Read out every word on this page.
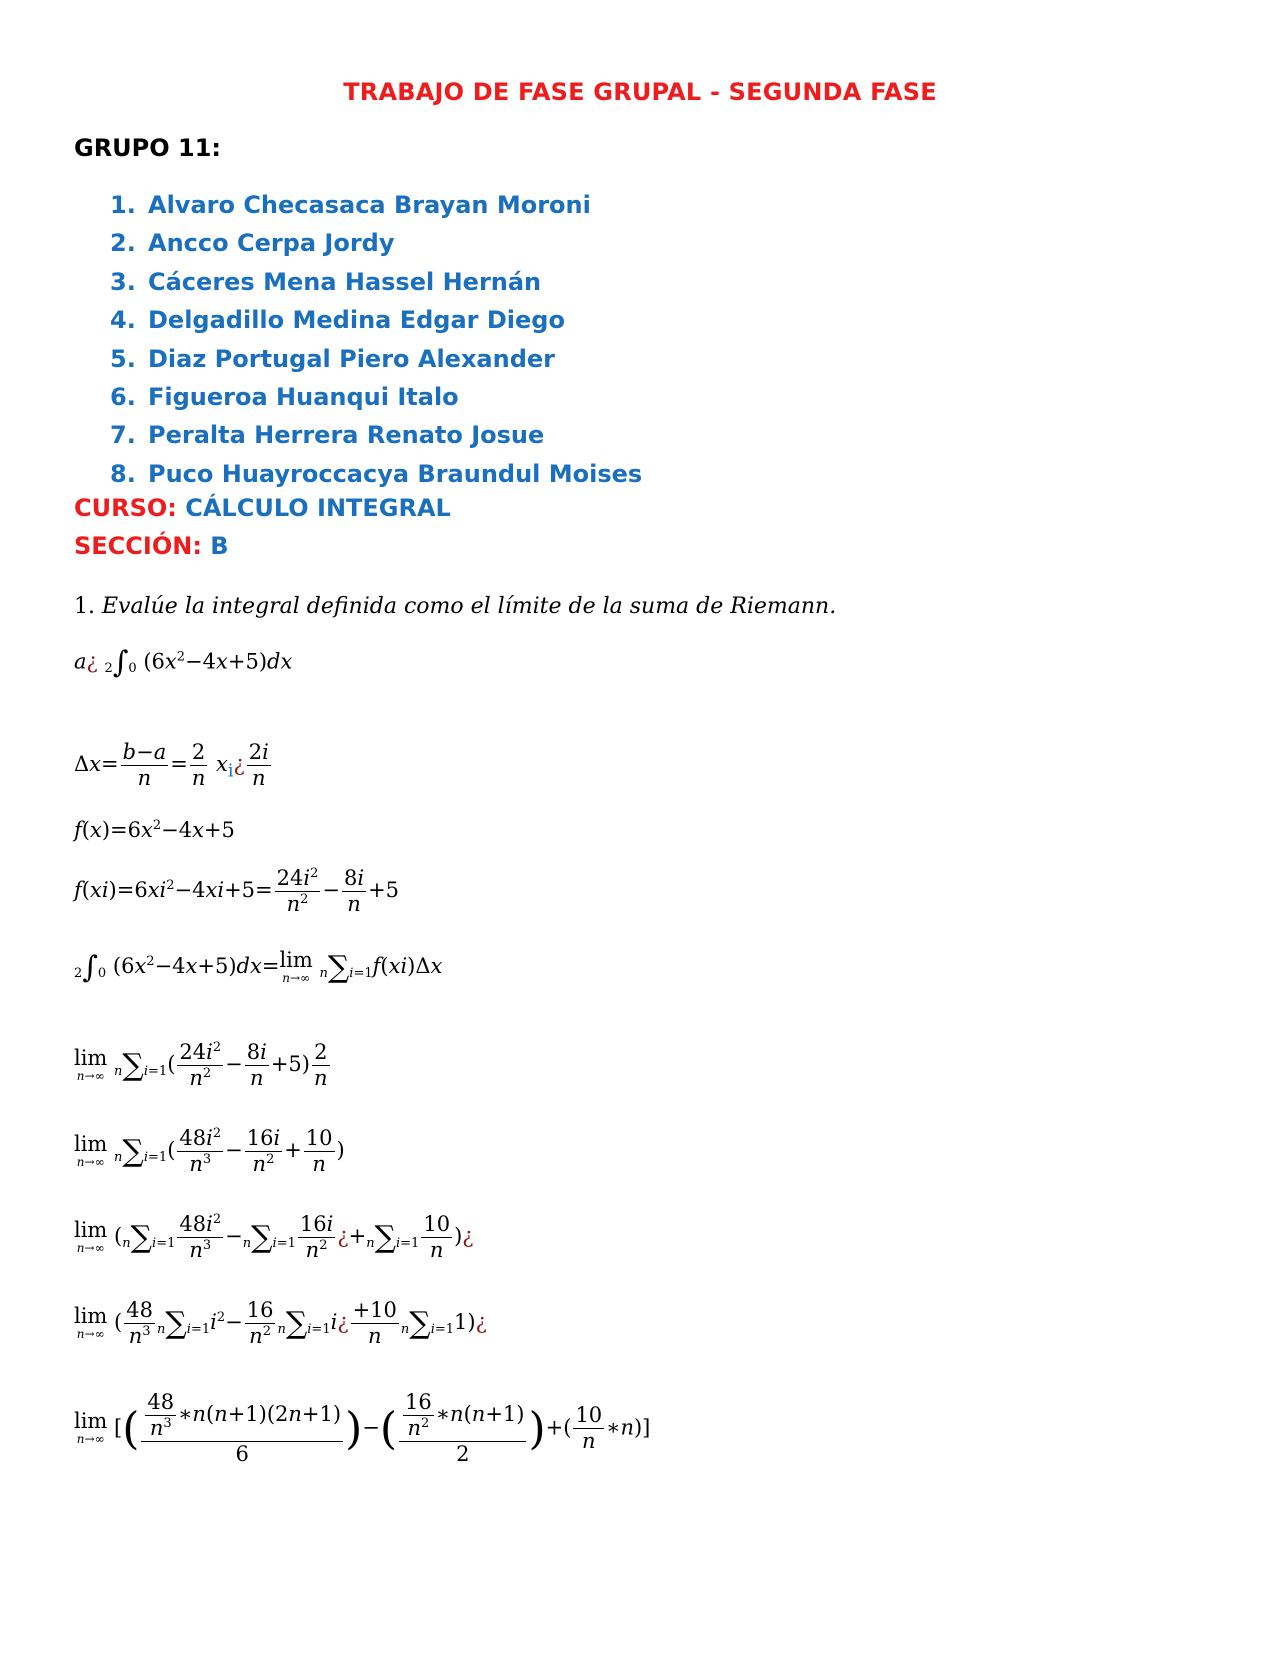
TRABAJO DE FASE GRUPAL - SEGUNDA FASE
GRUPO 11:
1. Alvaro Checasaca Brayan Moroni
2. Ancco Cerpa Jordy
3. Cáceres Mena Hassel Hernán
4. Delgadillo Medina Edgar Diego
5. Diaz Portugal Piero Alexander
6. Figueroa Huanqui Italo
7. Peralta Herrera Renato Josue
8. Puco Huayroccacya Braundul Moises
CURSO: CÁLCULO INTEGRAL
SECCIÓN: B
1. Evalúe la integral definida como el límite de la suma de Riemann.
a¿ 2∫0 $(6x^2-4x+5)dx$
$\Delta x= \frac{b-a}{n} = \frac{2}{n}$ $x_i¿ \frac{2i}{n}$
$f(x)=6x^2-4x+5$
$f(xi)=6xi^2-4xi+5= \frac{24i^2}{n^2} - \frac{8i}{n} +5$
2∫0 $(6x^2-4x+5)dx= \lim$
n→∞ n∑i=1f(xi)Δx
lim
n→∞ $n\sum i=1( \frac{24i^2}{n^2} - \frac{8i}{n} +5) \frac{2}{n}$
lim
n→∞ $n\sum i=1( \frac{48i^2}{n^3} - \frac{16i}{n^2} + \frac{10}{n}$ )
lim
n→∞ ($n\sum i=1 \frac{48i^2}{n^3} -n\sum i=1 \frac{16i}{n^2}$ ¿$+n\sum i=1 \frac{10}{n}$ )¿
lim
n→∞ ( $\frac{48}{n^3} n\sum i=1i^2- \frac{16}{n^2}$ n∑i=1i¿ $\frac{+10}{n}$ n∑i=11)¿
lim
n→∞ [( $\frac{\frac{48}{n^3} ∗n(n+1)(2n+1)}{6}$ )−( $\frac{\frac{16}{n^2} ∗n(n+1)}{2}$ )+( $\frac{10}{n}$ ∗n)]
